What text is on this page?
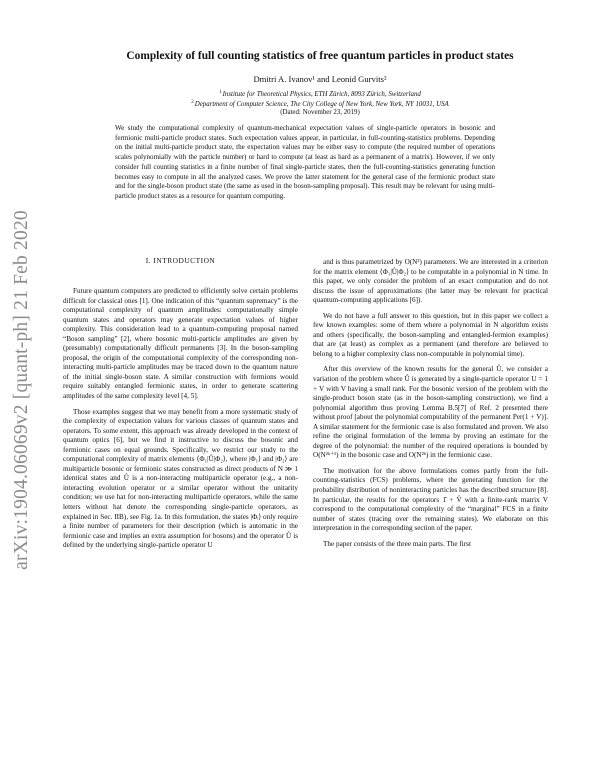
arXiv:1904.06069v2 [quant-ph] 21 Feb 2020
Complexity of full counting statistics of free quantum particles in product states
Dmitri A. Ivanov¹ and Leonid Gurvits²
$^1$Institute for Theoretical Physics, ETH Zürich, 8093 Zürich, Switzerland
$^2$Department of Computer Science, The City College of New York, New York, NY 10031, USA
(Dated: November 23, 2019)

We study the computational complexity of quantum-mechanical expectation values of single-particle operators in bosonic and fermionic multi-particle product states. Such expectation values appear, in particular, in full-counting-statistics problems. Depending on the initial multi-particle product state, the expectation values may be either easy to compute (the required number of operations scales polynomially with the particle number) or hard to compute (at least as hard as a permanent of a matrix). However, if we only consider full counting statistics in a finite number of final single-particle states, then the full-counting-statistics generating function becomes easy to compute in all the analyzed cases. We prove the latter statement for the general case of the fermionic product state and for the single-boson product state (the same as used in the boson-sampling proposal). This result may be relevant for using multi-particle product states as a resource for quantum computing.

I. INTRODUCTION

Future quantum computers are predicted to efficiently solve certain problems difficult for classical ones [1]. One indication of this “quantum supremacy” is the computational complexity of quantum amplitudes: computationally simple quantum states and operators may generate expectation values of higher complexity. This consideration lead to a quantum-computing proposal named “Boson sampling” [2], where bosonic multi-particle amplitudes are given by (presumably) computationally difficult permanents [3]. In the boson-sampling proposal, the origin of the computational complexity of the corresponding non-interacting multi-particle amplitudes may be traced down to the quantum nature of the initial single-boson state. A similar construction with fermions would require suitably entangled fermionic states, in order to generate scattering amplitudes of the same complexity level [4, 5].

Those examples suggest that we may benefit from a more systematic study of the complexity of expectation values for various classes of quantum states and operators. To some extent, this approach was already developed in the context of quantum optics [6], but we find it instructive to discuss the bosonic and fermionic cases on equal grounds. Specifically, we restrict our study to the computational complexity of matrix elements ⟨Φ₁|Û|Φ₂⟩, where |Φ₁⟩ and |Φ₂⟩ are multiparticle bosonic or fermionic states constructed as direct products of N ≫ 1 identical states and Û is a non-interacting multiparticle operator (e.g., a non-interacting evolution operator or a similar operator without the unitarity condition; we use hat for non-interacting multiparticle operators, while the same letters without hat denote the corresponding single-particle operators, as explained in Sec. IIB), see Fig. 1a. In this formulation, the states |Φᵢ⟩ only require a finite number of parameters for their description (which is automatic in the fermionic case and implies an extra assumption for bosons) and the operator Û is defined by the underlying single-particle operator U

and is thus parametrized by O(N²) parameters. We are interested in a criterion for the matrix element ⟨Φ₁|Û|Φ₂⟩ to be computable in a polynomial in N time. In this paper, we only consider the problem of an exact computation and do not discuss the issue of approximations (the latter may be relevant for practical quantum-computing applications [6]).

We do not have a full answer to this question, but in this paper we collect a few known examples: some of them where a polynomial in N algorithm exists and others (specifically, the boson-sampling and entangled-fermion examples) that are (at least) as complex as a permanent (and therefore are believed to belong to a higher complexity class non-computable in polynomial time).

After this overview of the known results for the general Û, we consider a variation of the problem where Û is generated by a single-particle operator U = 1 + V with V having a small rank. For the bosonic version of the problem with the single-product boson state (as in the boson-sampling construction), we find a polynomial algorithm thus proving Lemma B.5[7] of Ref. 2 presented there without proof [about the polynomial computability of the permanent Per(1 + V)]. A similar statement for the fermionic case is also formulated and proven. We also refine the original formulation of the lemma by proving an estimate for the degree of the polynomial: the number of the required operations is bounded by O(N²ᵏ⁺¹) in the bosonic case and O(N²ᵏ) in the fermionic case.

The motivation for the above formulations comes partly from the full-counting-statistics (FCS) problems, where the generating function for the probability distribution of noninteracting particles has the described structure [8]. In particular, the results for the operators 1̂ + V̂ with a finite-rank matrix V correspond to the computational complexity of the “marginal” FCS in a finite number of states (tracing over the remaining states). We elaborate on this interpretation in the corresponding section of the paper.

The paper consists of the three main parts. The first
